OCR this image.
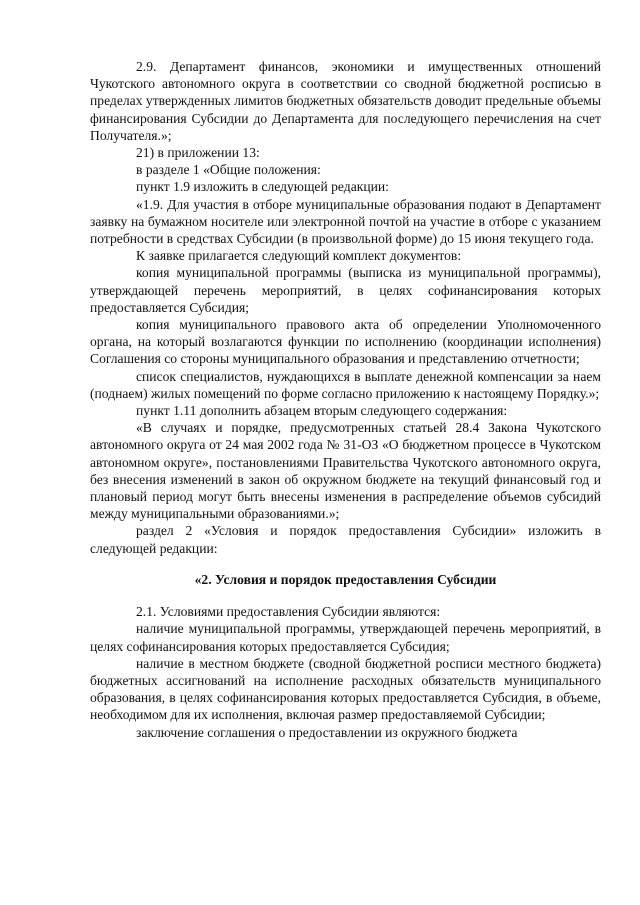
2.9. Департамент финансов, экономики и имущественных отношений Чукотского автономного округа в соответствии со сводной бюджетной росписью в пределах утвержденных лимитов бюджетных обязательств доводит предельные объемы финансирования Субсидии до Департамента для последующего перечисления на счет Получателя.»;

21) в приложении 13:

в разделе 1 «Общие положения:

пункт 1.9 изложить в следующей редакции:

«1.9. Для участия в отборе муниципальные образования подают в Департамент заявку на бумажном носителе или электронной почтой на участие в отборе с указанием потребности в средствах Субсидии (в произвольной форме) до 15 июня текущего года.

К заявке прилагается следующий комплект документов:

копия муниципальной программы (выписка из муниципальной программы), утверждающей перечень мероприятий, в целях софинансирования которых предоставляется Субсидия;

копия муниципального правового акта об определении Уполномоченного органа, на который возлагаются функции по исполнению (координации исполнения) Соглашения со стороны муниципального образования и представлению отчетности;

список специалистов, нуждающихся в выплате денежной компенсации за наем (поднаем) жилых помещений по форме согласно приложению к настоящему Порядку.»;

пункт 1.11 дополнить абзацем вторым следующего содержания:

«В случаях и порядке, предусмотренных статьей 28.4 Закона Чукотского автономного округа от 24 мая 2002 года № 31-ОЗ «О бюджетном процессе в Чукотском автономном округе», постановлениями Правительства Чукотского автономного округа, без внесения изменений в закон об окружном бюджете на текущий финансовый год и плановый период могут быть внесены изменения в распределение объемов субсидий между муниципальными образованиями.»;

раздел 2 «Условия и порядок предоставления Субсидии» изложить в следующей редакции:

«2. Условия и порядок предоставления Субсидии

2.1. Условиями предоставления Субсидии являются:

наличие муниципальной программы, утверждающей перечень мероприятий, в целях софинансирования которых предоставляется Субсидия;

наличие в местном бюджете (сводной бюджетной росписи местного бюджета) бюджетных ассигнований на исполнение расходных обязательств муниципального образования, в целях софинансирования которых предоставляется Субсидия, в объеме, необходимом для их исполнения, включая размер предоставляемой Субсидии;

заключение соглашения о предоставлении из окружного бюджета
